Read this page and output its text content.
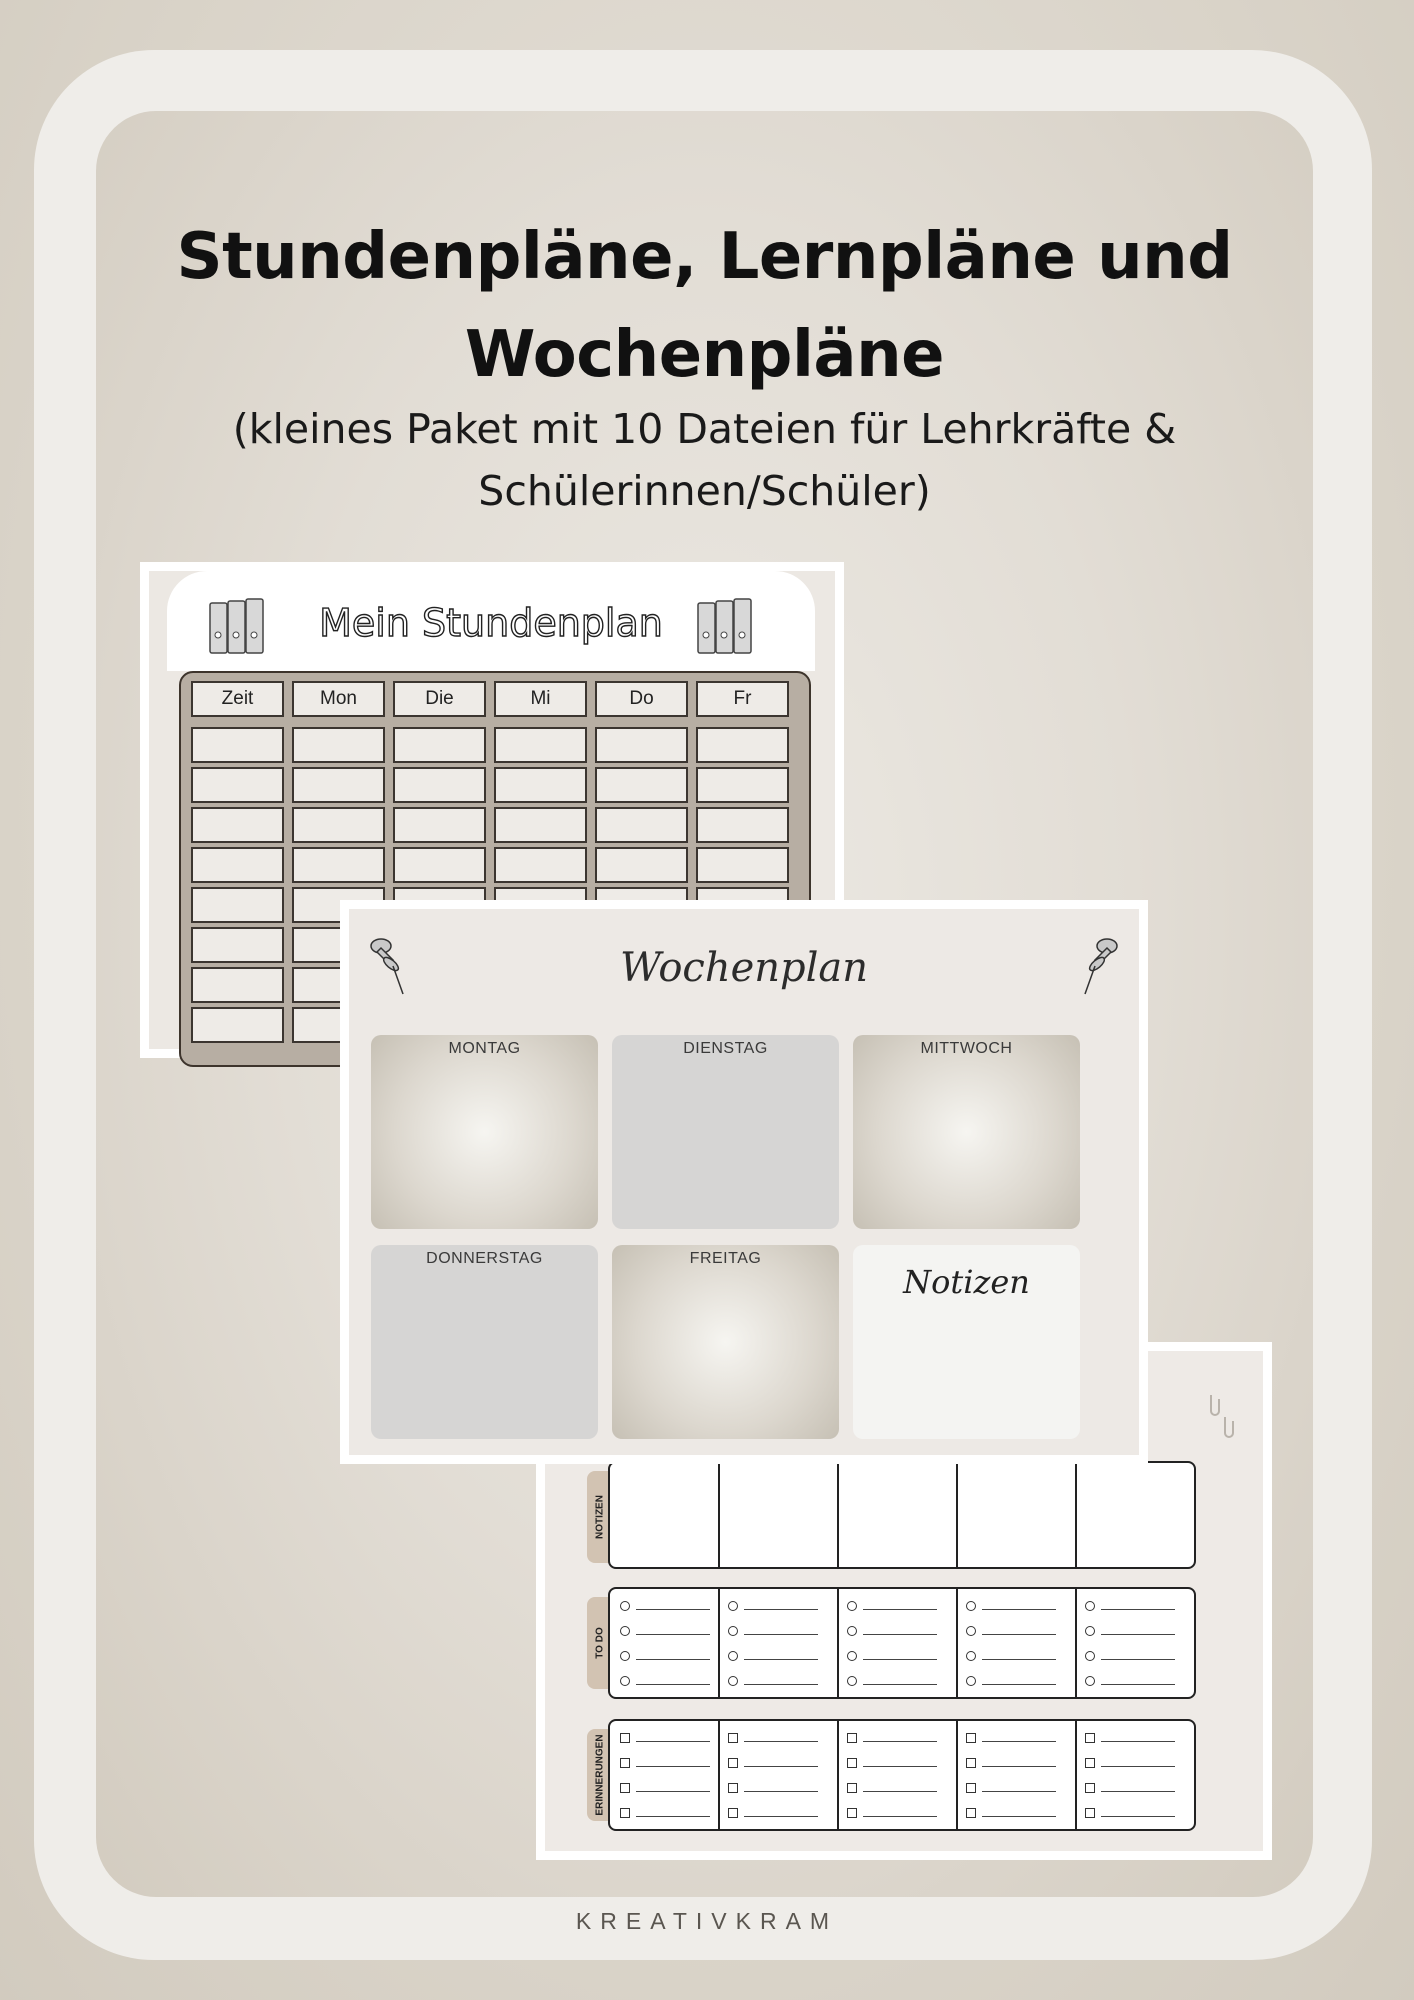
Stundenpläne, Lernpläne und
Wochenpläne
(kleines Paket mit 10 Dateien für Lehrkräfte &
Schülerinnen/Schüler)
Mein Stundenplan
Zeit	Mon	Die	Mi	Do	Fr
NOTIZEN
TO DO
ERINNERUNGEN
Wochenplan
MONTAG	DIENSTAG	MITTWOCH
DONNERSTAG	FREITAG
Notizen
KREATIVKRAM
